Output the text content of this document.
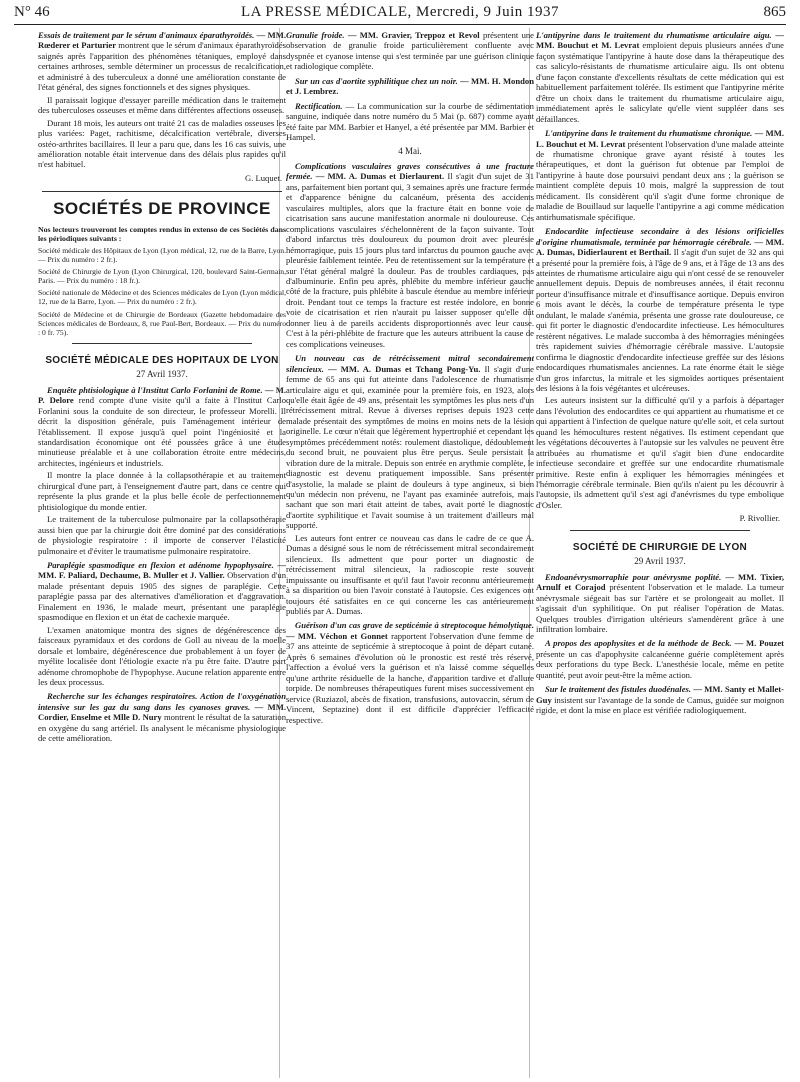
N° 46	LA PRESSE MÉDICALE, Mercredi, 9 Juin 1937	865

Essais de traitement par le sérum d'animaux éparathyroïdés. — MM. Rœderer et Parturier montrent que le sérum d'animaux éparathyroïdés saignés après l'apparition des phénomènes tétaniques, employé dans certaines arthroses, semble déterminer un processus de recalcification, et administré à des tuberculeux a donné une amélioration constante de l'état général, des signes fonctionnels et des signes physiques.

Il paraissait logique d'essayer pareille médication dans le traitement des tuberculoses osseuses et même dans différentes affections osseuses.

Durant 18 mois, les auteurs ont traité 21 cas de maladies osseuses les plus variées: Paget, rachitisme, décalcification vertébrale, diverses ostéo-arthrites bacillaires. Il leur a paru que, dans les 16 cas suivis, une amélioration notable était intervenue dans des délais plus rapides qu'il n'est habituel.

G. Luquet.
SOCIÉTÉS DE PROVINCE

Nos lecteurs trouveront les comptes rendus in extenso de ces Sociétés dans les périodiques suivants :

Société médicale des Hôpitaux de Lyon (Lyon médical, 12, rue de la Barre, Lyon. — Prix du numéro : 2 fr.).

Société de Chirurgie de Lyon (Lyon Chirurgical, 120, boulevard Saint-Germain, Paris. — Prix du numéro : 18 fr.).

Société nationale de Médecine et des Sciences médicales de Lyon (Lyon médical, 12, rue de la Barre, Lyon. — Prix du numéro : 2 fr.).

Société de Médecine et de Chirurgie de Bordeaux (Gazette hebdomadaire des Sciences médicales de Bordeaux, 8, rue Paul-Bert, Bordeaux. — Prix du numéro : 0 fr. 75).

SOCIÉTÉ MÉDICALE DES HOPITAUX DE LYON
27 Avril 1937.

Enquête phtisiologique à l'Institut Carlo Forlanini de Rome. — M. P. Delore rend compte d'une visite qu'il a faite à l'Institut Carlo Forlanini sous la conduite de son directeur, le professeur Morelli. Il décrit la disposition générale, puis l'aménagement intérieur de l'établissement. Il expose jusqu'à quel point l'ingéniosité et la standardisation économique ont été poussées grâce à une étude minutieuse préalable et à une collaboration étroite entre médecins, architectes, ingénieurs et industriels.

Il montre la place donnée à la collapsothérapie et au traitement chirurgical d'une part, à l'enseignement d'autre part, dans ce centre qui représente la plus grande et la plus belle école de perfectionnement phtisiologique du monde entier.

Le traitement de la tuberculose pulmonaire par la collapsothérapie aussi bien que par la chirurgie doit être dominé par des considérations de physiologie respiratoire : il importe de conserver l'élasticité pulmonaire et d'éviter le traumatisme pulmonaire respiratoire.

Paraplégie spasmodique en flexion et adénome hypophysaire. — MM. F. Paliard, Dechaume, B. Muller et J. Vallier. Observation d'un malade présentant depuis 1905 des signes de paraplégie. Cette paraplégie passa par des alternatives d'amélioration et d'aggravation. Finalement en 1936, le malade meurt, présentant une paraplégie spasmodique en flexion et un état de cachexie marquée.

L'examen anatomique montra des signes de dégénérescence des faisceaux pyramidaux et des cordons de Goll au niveau de la moelle dorsale et lombaire, dégénérescence due probablement à un foyer de myélite localisée dont l'étiologie exacte n'a pu être faite. D'autre part adénome chromophobe de l'hypophyse. Aucune relation apparente entre les deux processus.

Recherche sur les échanges respiratoires. Action de l'oxygénation intensive sur les gaz du sang dans les cyanoses graves. — MM. Cordier, Enselme et Mlle D. Nury montrent le résultat de la saturation en oxygène du sang artériel. Ils analysent le mécanisme physiologique de cette amélioration.

Granulie froide. — MM. Gravier, Treppoz et Revol présentent une observation de granulie froide particulièrement confluente avec dyspnée et cyanose intense qui s'est terminée par une guérison clinique et radiologique complète.

Sur un cas d'aortite syphilitique chez un noir. — MM. H. Mondon et J. Lembrez.

Rectification. — La communication sur la courbe de sédimentation sanguine, indiquée dans notre numéro du 5 Mai (p. 687) comme ayant été faite par MM. Barbier et Hanyel, a été présentée par MM. Barbier et Hampel.

4 Mai.

Complications vasculaires graves consécutives à une fracture fermée. — MM. A. Dumas et Dierlaurent. Il s'agit d'un sujet de 31 ans, parfaitement bien portant qui, 3 semaines après une fracture fermée et d'apparence bénigne du calcanéum, présenta des accidents vasculaires multiples, alors que la fracture était en bonne voie de cicatrisation sans aucune manifestation anormale ni douloureuse. Ces complications vasculaires s'échelonnèrent de la façon suivante. Tout d'abord infarctus très douloureux du poumon droit avec pleurésie hémorragique, puis 15 jours plus tard infarctus du poumon gauche avec pleurésie faiblement teintée. Peu de retentissement sur la température et sur l'état général malgré la douleur. Pas de troubles cardiaques, pas d'albuminurie. Enfin peu après, phlébite du membre inférieur gauche côté de la fracture, puis phlébite à bascule étendue au membre inférieur droit. Pendant tout ce temps la fracture est restée indolore, en bonne voie de cicatrisation et rien n'aurait pu laisser supposer qu'elle dût donner lieu à de pareils accidents disproportionnés avec leur cause. C'est à la péri-phlébite de fracture que les auteurs attribuent la cause de ces complications veineuses.

Un nouveau cas de rétrécissement mitral secondairement silencieux. — MM. A. Dumas et Tchang Pong-Yu. Il s'agit d'une femme de 65 ans qui fut atteinte dans l'adolescence de rhumatisme articulaire aigu et qui, examinée pour la première fois, en 1923, alors qu'elle était âgée de 49 ans, présentait les symptômes les plus nets d'un rétrécissement mitral. Revue à diverses reprises depuis 1923 cette malade présentait des symptômes de moins en moins nets de la lésion originelle. Le cœur n'était que légèrement hypertrophié et cependant les symptômes précédemment notés: roulement diastolique, dédoublement du second bruit, ne pouvaient plus être perçus. Seule persistait la vibration dure de la mitrale. Depuis son entrée en arythmie complète, le diagnostic est devenu pratiquement impossible. Sans présenter d'asystolie, la malade se plaint de douleurs à type angineux, si bien qu'un médecin non prévenu, ne l'ayant pas examinée autrefois, mais sachant que son mari était atteint de tabes, avait porté le diagnostic d'aortite syphilitique et l'avait soumise à un traitement d'ailleurs mal supporté.

Les auteurs font entrer ce nouveau cas dans le cadre de ce que A. Dumas a désigné sous le nom de rétrécissement mitral secondairement silencieux. Ils admettent que pour porter un diagnostic de rétrécissement mitral silencieux, la radioscopie reste souvent impuissante ou insuffisante et qu'il faut l'avoir reconnu antérieurement à sa disparition ou bien l'avoir constaté à l'autopsie. Ces exigences ont toujours été satisfaites en ce qui concerne les cas antérieurement publiés par A. Dumas.

Guérison d'un cas grave de septicémie à streptocoque hémolytique. — MM. Véchon et Gonnet rapportent l'observation d'une femme de 37 ans atteinte de septicémie à streptocoque à point de départ cutané. Après 6 semaines d'évolution où le pronostic est resté très réservé, l'affection a évolué vers la guérison et n'a laissé comme séquelles qu'une arthrite résiduelle de la hanche, d'apparition tardive et d'allure torpide. De nombreuses thérapeutiques furent mises successivement en service (Ruziazol, abcès de fixation, transfusions, autovaccin, sérum de Vincent, Septazine) dont il est difficile d'apprécier l'efficacité respective.

L'antipyrine dans le traitement du rhumatisme articulaire aigu. — MM. Bouchut et M. Levrat emploient depuis plusieurs années d'une façon systématique l'antipyrine à haute dose dans la thérapeutique des cas salicylo-résistants de rhumatisme articulaire aigu. Ils ont obtenu d'une façon constante d'excellents résultats de cette médication qui est habituellement parfaitement tolérée. Ils estiment que l'antipyrine mérite d'être un choix dans le traitement du rhumatisme articulaire aigu, immédiatement après le salicylate qu'elle vient suppléer dans ses défaillances.

L'antipyrine dans le traitement du rhumatisme chronique. — MM. L. Bouchut et M. Levrat présentent l'observation d'une malade atteinte de rhumatisme chronique grave ayant résisté à toutes les thérapeutiques, et dont la guérison fut obtenue par l'emploi de l'antipyrine à haute dose poursuivi pendant deux ans ; la guérison se maintient complète depuis 10 mois, malgré la suppression de tout médicament. Ils considèrent qu'il s'agit d'une forme chronique de maladie de Bouillaud sur laquelle l'antipyrine a agi comme médication antirhumatismale spécifique.

Endocardite infectieuse secondaire à des lésions orificielles d'origine rhumatismale, terminée par hémorragie cérébrale. — MM. A. Dumas, Didierlaurent et Berthail. Il s'agit d'un sujet de 32 ans qui a présenté pour la première fois, à l'âge de 9 ans, et à l'âge de 13 ans des atteintes de rhumatisme articulaire aigu qui n'ont cessé de se renouveler annuellement depuis. Depuis de nombreuses années, il était reconnu porteur d'insuffisance mitrale et d'insuffisance aortique. Depuis environ 6 mois avant le décès, la courbe de température présenta le type ondulant, le malade s'anémia, présenta une grosse rate douloureuse, ce qui fit porter le diagnostic d'endocardite infectieuse. Les hémocultures restèrent négatives. Le malade succomba à des hémorragies méningées très rapidement suivies d'hémorragie cérébrale massive. L'autopsie confirma le diagnostic d'endocardite infectieuse greffée sur des lésions endocardiques rhumatismales anciennes. La rate énorme était le siège d'un gros infarctus, la mitrale et les sigmoïdes aortiques présentaient des lésions à la fois végétantes et ulcéreuses.

Les auteurs insistent sur la difficulté qu'il y a parfois à départager dans l'évolution des endocardites ce qui appartient au rhumatisme et ce qui appartient à l'infection de quelque nature qu'elle soit, et cela surtout quand les hémocultures restent négatives. Ils estiment cependant que les végétations découvertes à l'autopsie sur les valvules ne peuvent être attribuées au rhumatisme et qu'il s'agit bien d'une endocardite infectieuse secondaire et greffée sur une endocardite rhumatismale primitive. Reste enfin à expliquer les hémorragies méningées et l'hémorragie cérébrale terminale. Bien qu'ils n'aient pu les découvrir à l'autopsie, ils admettent qu'il s'est agi d'anévrismes du type embolique d'Osler.

P. Rivollier.
SOCIÉTÉ DE CHIRURGIE DE LYON
29 Avril 1937.

Endoanévrysmorraphie pour anévrysme poplité. — MM. Tixier, Arnulf et Corajod présentent l'observation et le malade. La tumeur anévrysmale siégeait bas sur l'artère et se prolongeait au mollet. Il s'agissait d'un syphilitique. On put réaliser l'opération de Matas. Quelques troubles d'irrigation ultérieurs s'amendèrent grâce à une infiltration lombaire.

A propos des apophysites et de la méthode de Beck. — M. Pouzet présente un cas d'apophysite calcanéenne guérie complètement après deux perforations du type Beck. L'anesthésie locale, même en petite quantité, peut avoir peut-être la même action.

Sur le traitement des fistules duodénales. — MM. Santy et Mallet-Guy insistent sur l'avantage de la sonde de Camus, guidée sur moignon rigide, et dont la mise en place est vérifiée radiologiquement.
